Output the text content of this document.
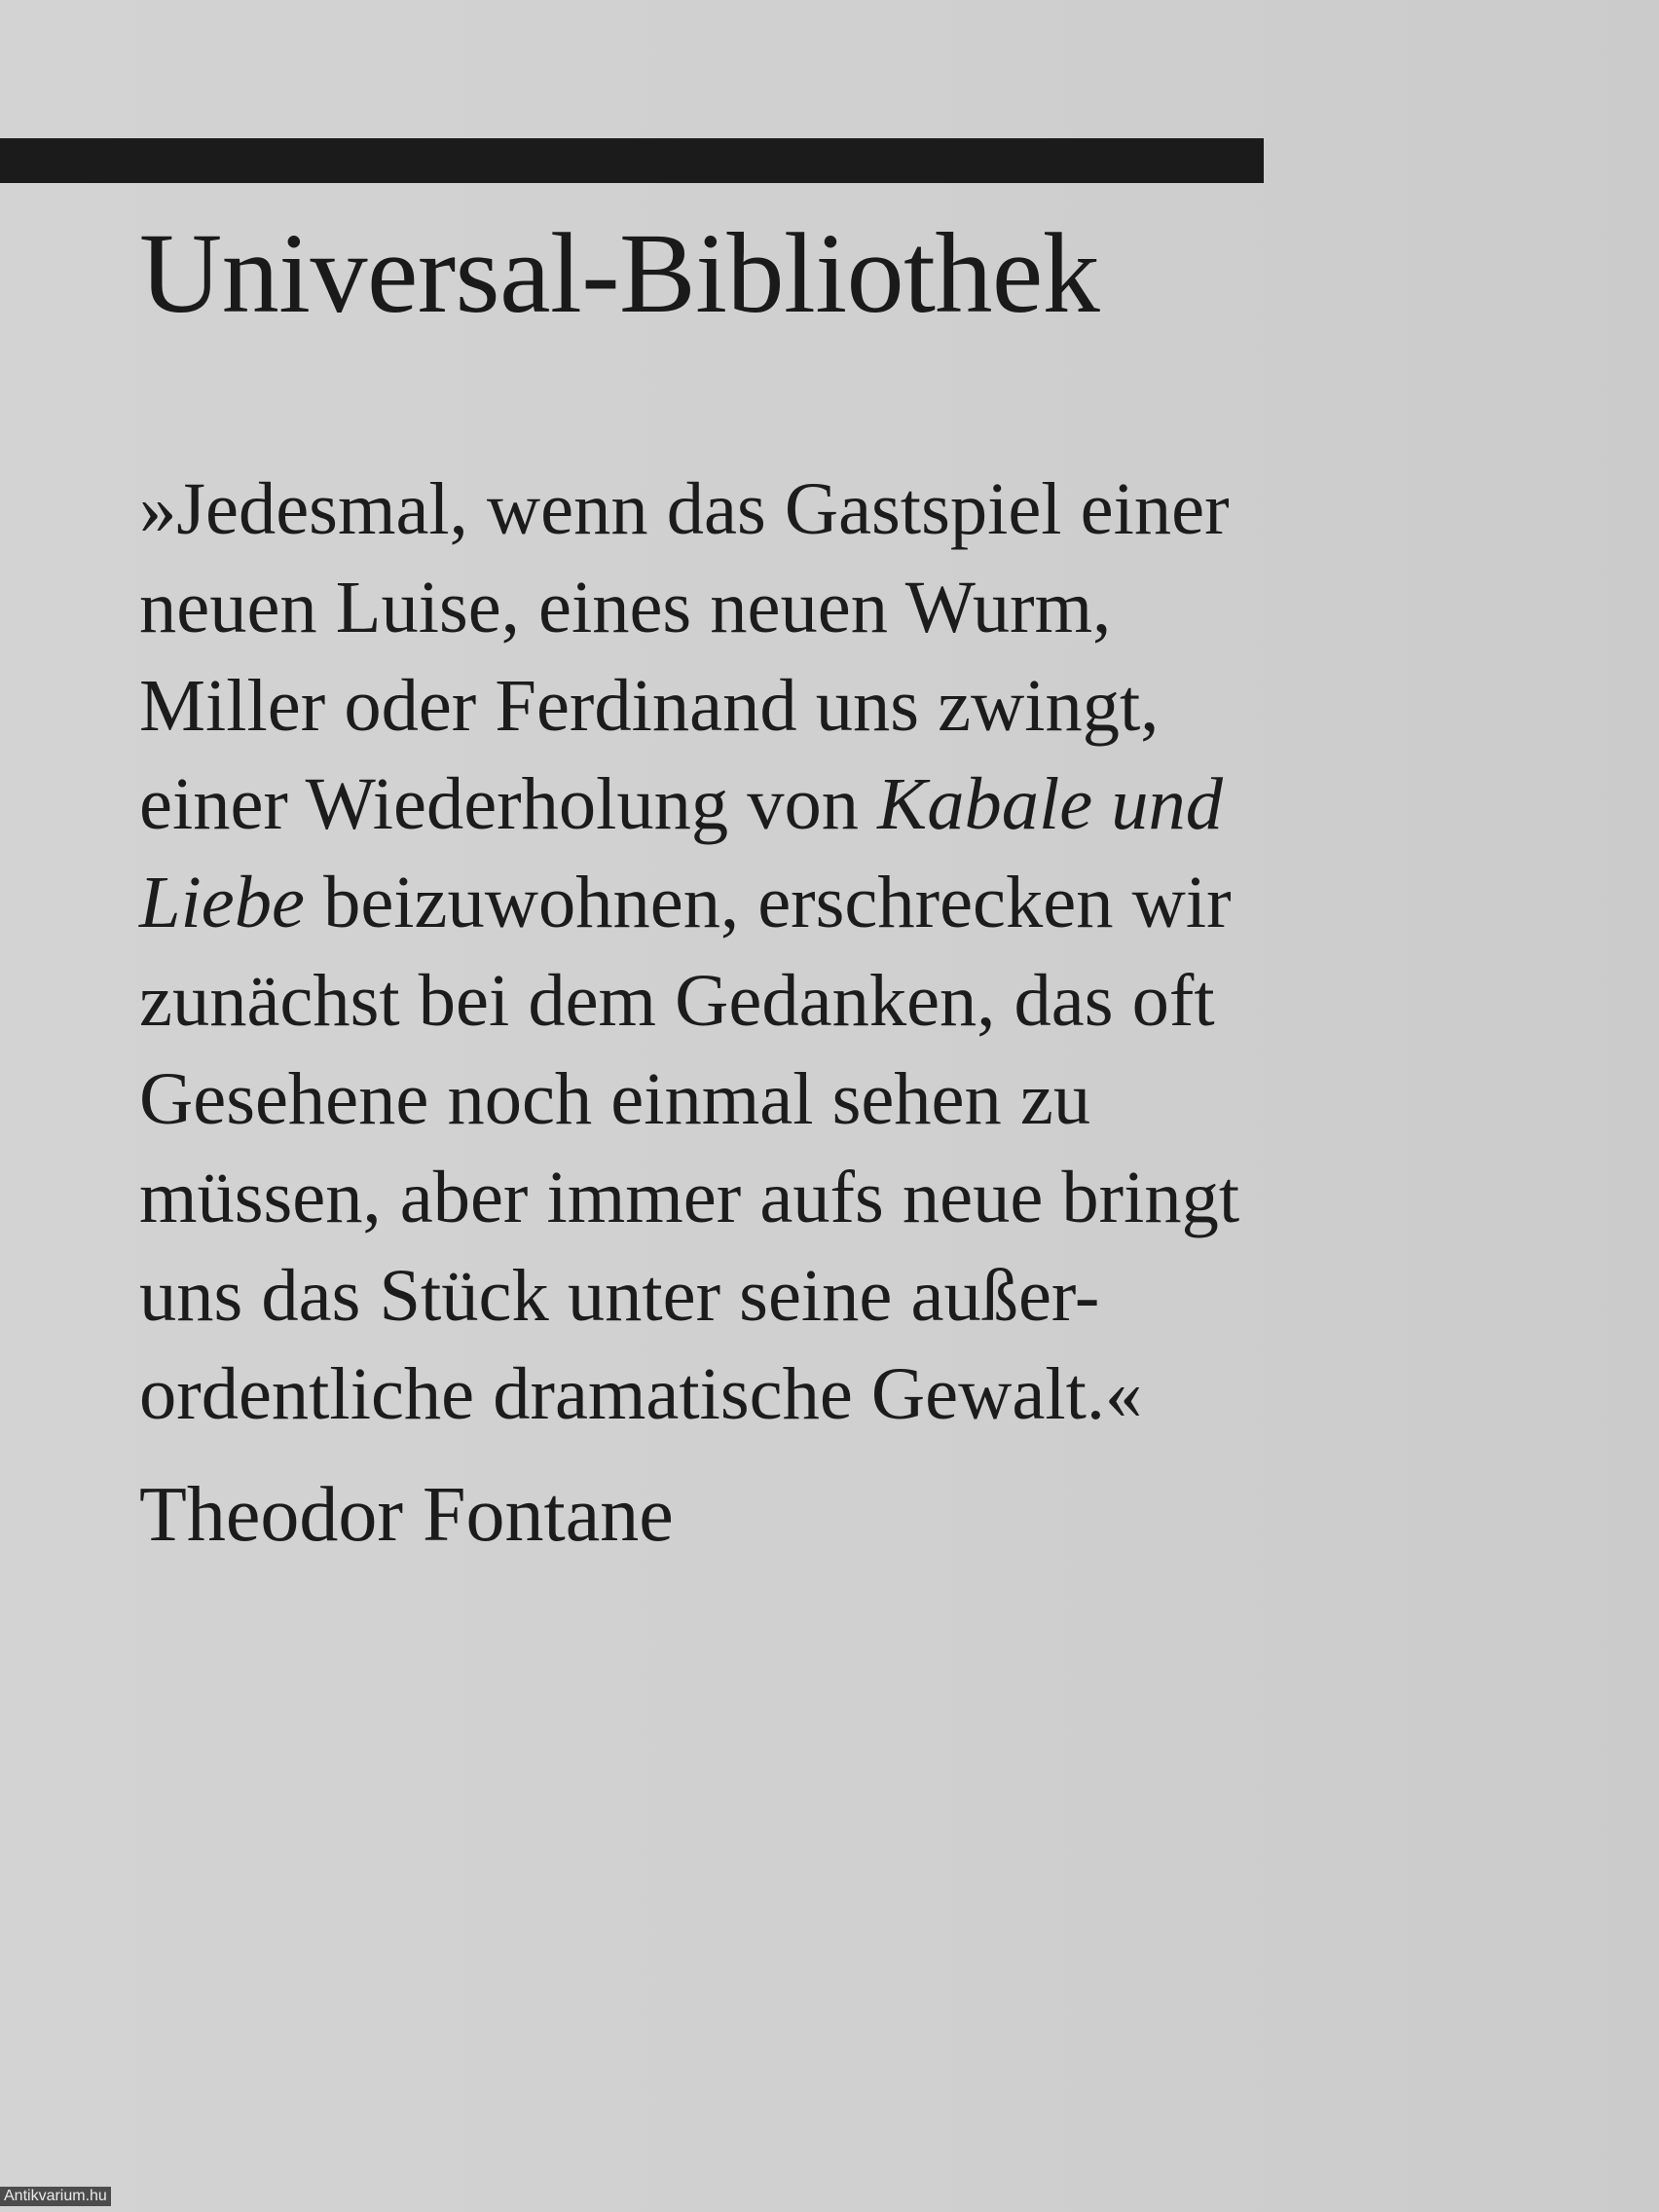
Universal-Bibliothek

»Jedesmal, wenn das Gastspiel einer
neuen Luise, eines neuen Wurm,
Miller oder Ferdinand uns zwingt,
einer Wiederholung von Kabale und
Liebe beizuwohnen, erschrecken wir
zunächst bei dem Gedanken, das oft
Gesehene noch einmal sehen zu
müssen, aber immer aufs neue bringt
uns das Stück unter seine außer-
ordentliche dramatische Gewalt.«

Theodor Fontane

Antikvarium.hu
